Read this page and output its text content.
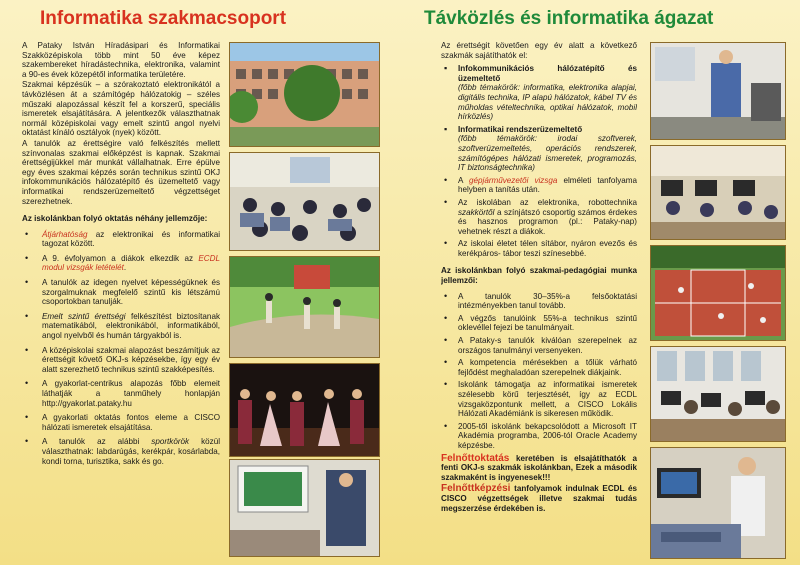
Informatika szakmacsoport	Távközlés és informatika ágazat

A Pataky István Híradásipari és Informatikai Szakközépiskola több mint 50 éve képez szakembereket híradástechnika, elektronika, valamint a 90-es évek közepétől informatika területére.

Szakmai képzésük – a szórakoztató elektronikától a távközlésen át a számítógép hálózatokig – széles műszaki alapozással készít fel a korszerű, speciális ismeretek elsajátítására. A jelentkezők választhatnak normál középiskolai vagy emelt szintű angol nyelvi oktatást kínáló osztályok (nyek) között.

A tanulók az érettségire való felkészítés mellett színvonalas szakmai előképzést is kapnak. Szakmai érettségijükkel már munkát vállalhatnak. Erre épülve egy éves szakmai képzés során technikus szintű OKJ infokommunikációs hálózatépítő és üzemeltető vagy informatikai rendszerüzemeltető végzettséget szerezhetnek.

Az iskolánkban folyó oktatás néhány jellemzője:

• Átjárhatóság az elektronikai és informatikai tagozat között.
• A 9. évfolyamon a diákok elkezdik az ECDL modul vizsgák letételét.
• A tanulók az idegen nyelvet képességüknek és szorgalmuknak megfelelő szintű kis létszámú csoportokban tanulják.
• Emelt szintű érettségi felkészítést biztosítanak matematikából, elektronikából, informatikából, angol nyelvből és humán tárgyakból is.
• A középiskolai szakmai alapozást beszámítjuk az érettségit követő OKJ-s képzésekbe, így egy év alatt szerezhető technikus szintű szakképesítés.
• A gyakorlat-centrikus alapozás főbb elemeit láthatják a tanműhely honlapján http://gyakorlat.pataky.hu
• A gyakorlati oktatás fontos eleme a CISCO hálózati ismeretek elsajátítása.
• A tanulók az alábbi sportkörök közül választhatnak: labdarúgás, kerékpár, kosárlabda, kondi torna, turisztika, sakk és go.

Az érettségit követően egy év alatt a következő szakmák sajátíthatók el:

▪ Infokommunikációs hálózatépítő és üzemeltető
(főbb témakörök: informatika, elektronika alapjai, digitális technika, IP alapú hálózatok, kábel TV és műholdas vételtechnika, optikai hálózatok, mobil hírközlés)
▪ Informatikai rendszerüzemeltető
(főbb témakörök: irodai szoftverek, szoftverüzemeltetés, operációs rendszerek, számítógépes hálózati ismeretek, programozás, IT biztonságtechnika)
• A gépjárművezetői vizsga elméleti tanfolyama helyben a tanítás után.
• Az iskolában az elektronika, robottechnika szakkörtől a színjátszó csoportig számos érdekes és hasznos programon (pl.: Pataky-nap) vehetnek részt a diákok.
• Az iskolai életet télen sítábor, nyáron evezős és kerékpáros- tábor teszi színesebbé.

Az iskolánkban folyó szakmai-pedagógiai munka jellemzői:

• A tanulók 30–35%-a felsőoktatási intézményekben tanul tovább.
• A végzős tanulóink 55%-a technikus szintű oklevéllel fejezi be tanulmányait.
• A Pataky-s tanulók kiválóan szerepelnek az országos tanulmányi versenyeken.
• A kompetencia mérésekben a tőlük várható fejlődést meghaladóan szerepelnek diákjaink.
• Iskolánk támogatja az informatikai ismeretek szélesebb körű terjesztését, így az ECDL vizsgaközpontunk mellett, a CISCO Lokális Hálózati Akadémiánk is sikeresen működik.
• 2005-től iskolánk bekapcsolódott a Microsoft IT Akadémia programba, 2006-tól Oracle Academy képzésbe.

Felnőttoktatás keretében is elsajátíthatók a fenti OKJ-s szakmák iskolánkban, Ezek a második szakmaként is ingyenesek!!!

Felnőttképzési tanfolyamok indulnak ECDL és CISCO végzettségek illetve szakmai tudás megszerzése érdekében is.
